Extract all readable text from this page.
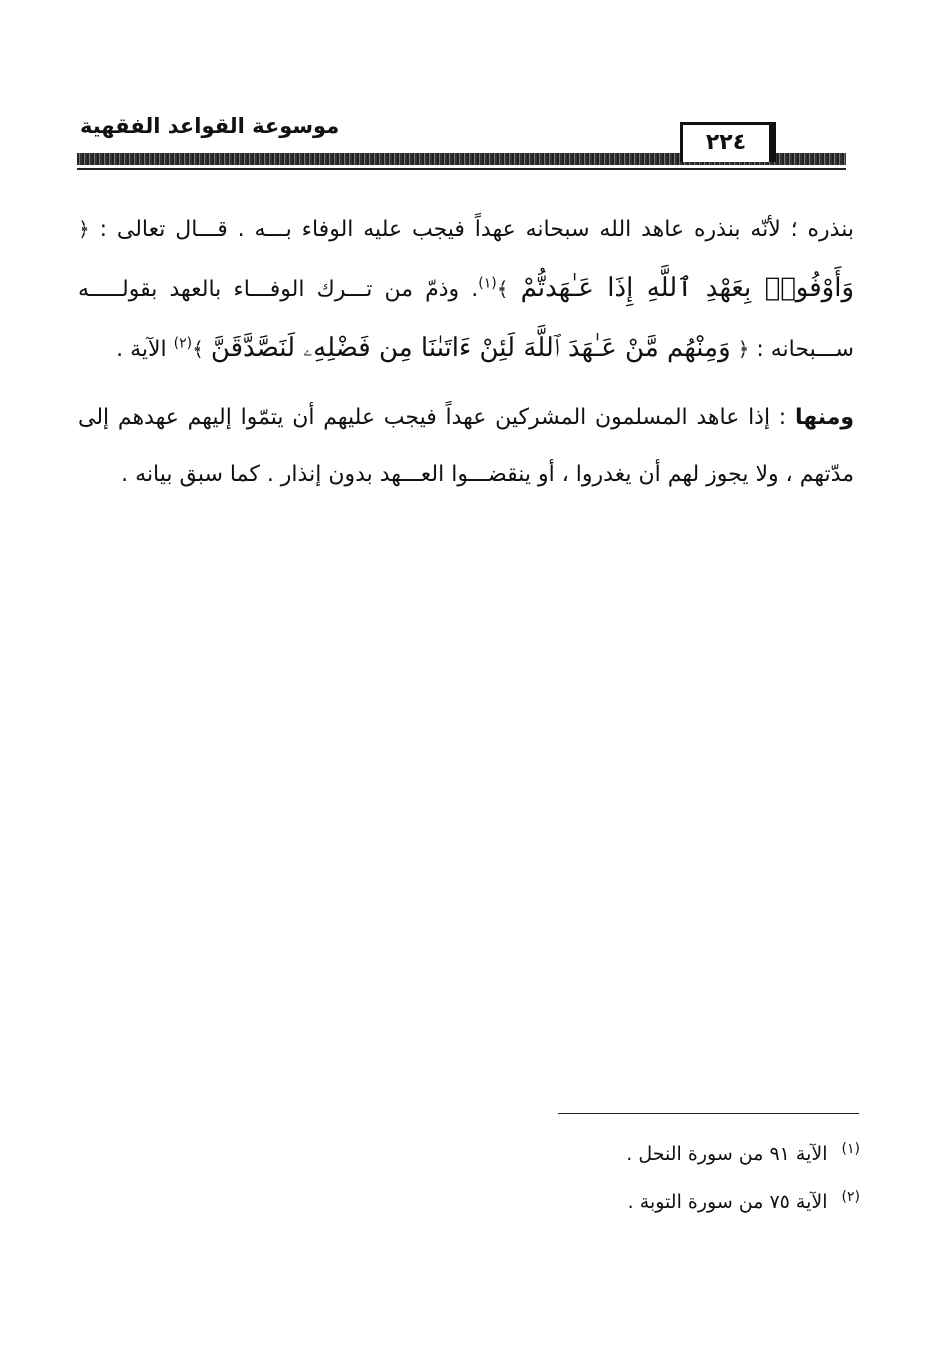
موسوعة القواعد الفقهية
٢٢٤

بنذره ؛ لأنّه بنذره عاهد الله سبحانه عهداً فيجب عليه الوفاء بـــه . قـــال تعالى : ﴿ وَأَوْفُوا۟ بِعَهْدِ ٱللَّهِ إِذَا عَـٰهَدتُّمْ ﴾$^{(١)}$. وذمّ من تـــرك الوفـــاء بالعهد بقولـــــه ســـبحانه : ﴿ وَمِنْهُم مَّنْ عَـٰهَدَ ٱللَّهَ لَئِنْ ءَاتَىٰنَا مِن فَضْلِهِۦ لَنَصَّدَّقَنَّ ﴾$^{(٢)}$ الآية .

ومنها : إذا عاهد المسلمون المشركين عهداً فيجب عليهم أن يتمّوا إليهم عهدهم إلى مدّتهم ، ولا يجوز لهم أن يغدروا ، أو ينقضـــوا العـــهد بدون إنذار . كما سبق بيانه .

$^{(١)}$الآية ٩١ من سورة النحل .

$^{(٢)}$الآية ٧٥ من سورة التوبة .
